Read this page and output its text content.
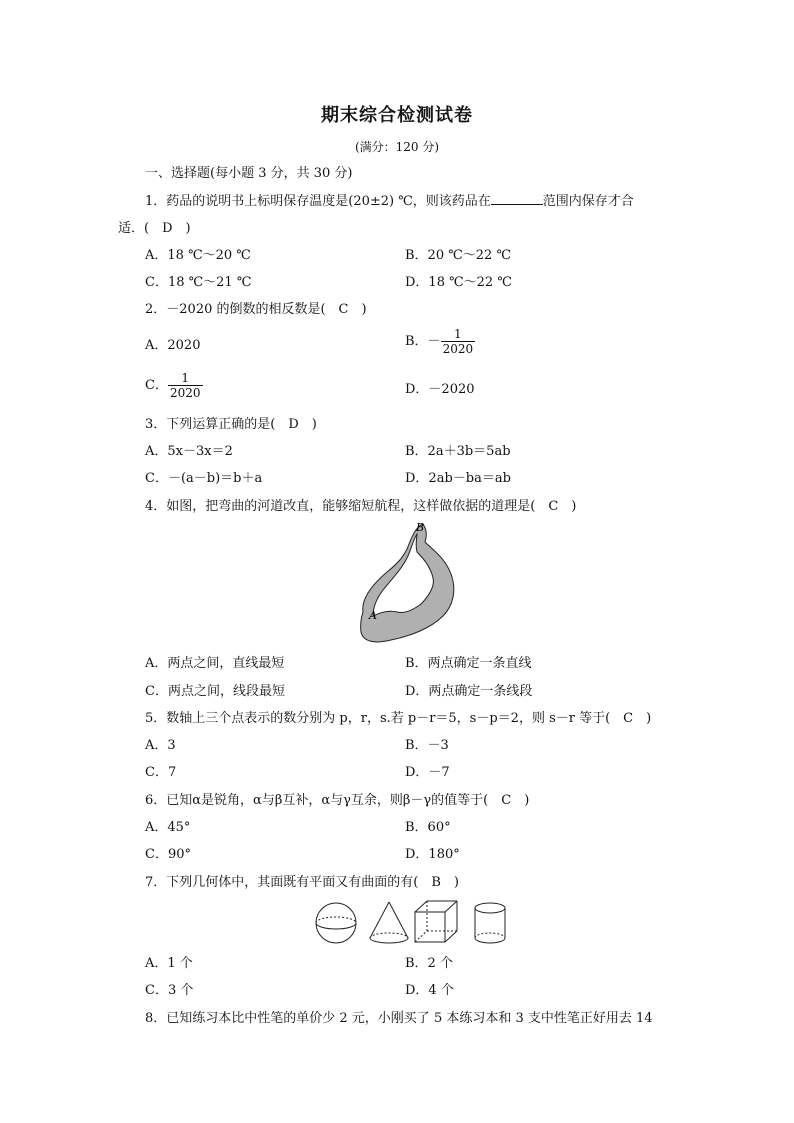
期末综合检测试卷
(满分：120 分)
一、选择题(每小题 3 分，共 30 分)
1．药品的说明书上标明保存温度是(20±2) ℃，则该药品在	范围内保存才合
适．(　D　)
A．18 ℃～20 ℃	B．20 ℃～22 ℃
C．18 ℃～21 ℃	D．18 ℃～22 ℃
2．－2020 的倒数的相反数是(　C　)
A．2020	B．－ $\frac{1}{2020}$
C． $\frac{1}{2020}$	D．－2020
3．下列运算正确的是(　D　)
A．5x－3x＝2	B．2a＋3b＝5ab
C．－(a－b)＝b＋a	D．2ab－ba＝ab
4．如图，把弯曲的河道改直，能够缩短航程，这样做依据的道理是(　C　)
B
A
A．两点之间，直线最短	B．两点确定一条直线
C．两点之间，线段最短	D．两点确定一条线段
5．数轴上三个点表示的数分别为 p，r，s.若 p－r＝5，s－p＝2，则 s－r 等于(　C　)
A．3	B．－3
C．7	D．－7
6．已知α是锐角，α与β互补，α与γ互余，则β－γ的值等于(　C　)
A．45°	B．60°
C．90°	D．180°
7．下列几何体中，其面既有平面又有曲面的有(　B　)
A．1 个	B．2 个
C．3 个	D．4 个
8．已知练习本比中性笔的单价少 2 元，小刚买了 5 本练习本和 3 支中性笔正好用去 14
